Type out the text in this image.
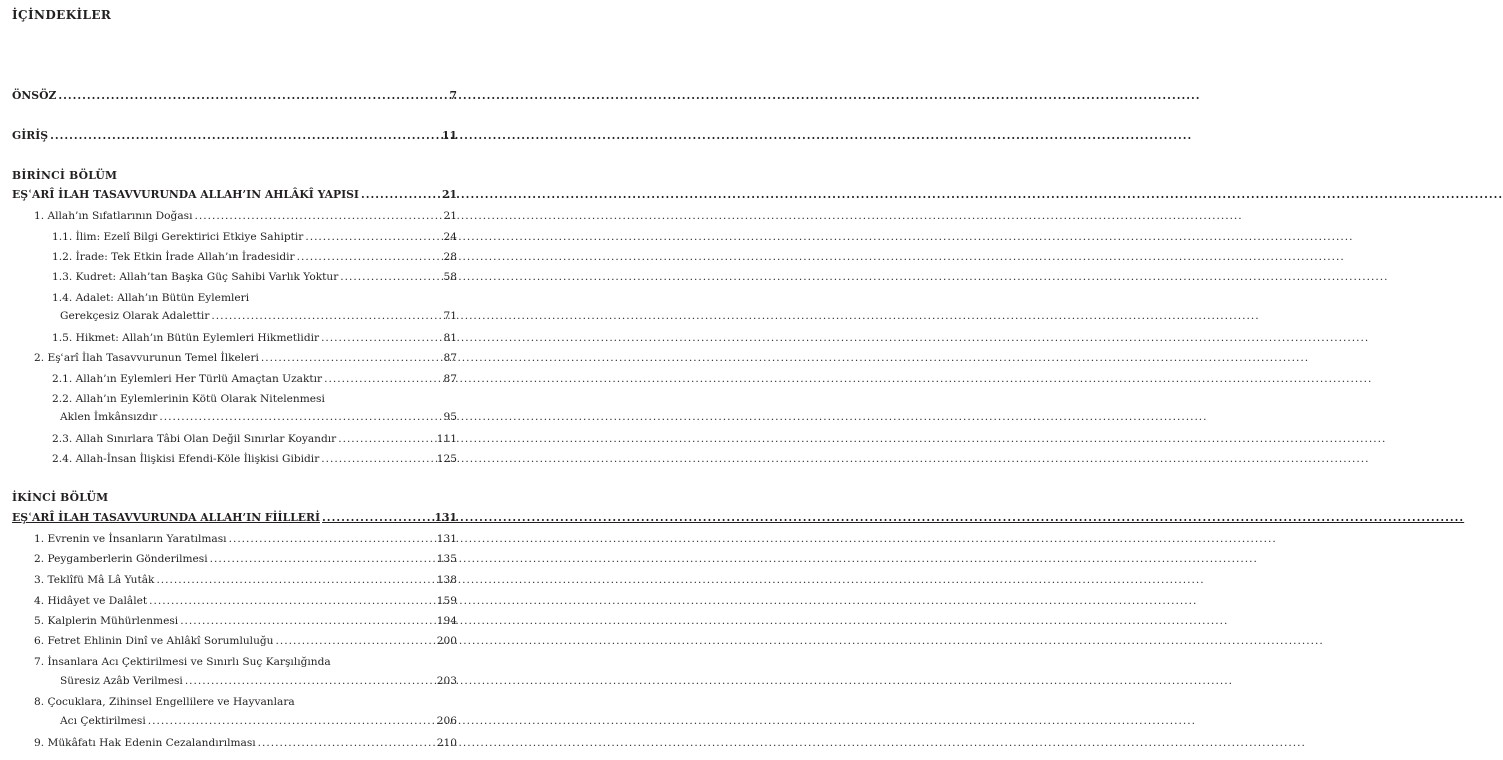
İÇİNDEKİLER
ÖNSÖZ .....	7
GİRİŞ .....	11
BİRİNCİ BÖLÜM
EŞʿARÎ İLAH TASAVVURUNDA ALLAH’IN AHLÂKÎ YAPISI .....	21
1. Allah’ın Sıfatlarının Doğası .....	21
1.1. İlim: Ezelî Bilgi Gerektirici Etkiye Sahiptir .....	24
1.2. İrade: Tek Etkin İrade Allah’ın İradesidir .....	28
1.3. Kudret: Allah’tan Başka Güç Sahibi Varlık Yoktur .....	58
1.4. Adalet: Allah’ın Bütün Eylemleri
Gerekçesiz Olarak Adalettir .....	71
1.5. Hikmet: Allah’ın Bütün Eylemleri Hikmetlidir .....	81
2. Eşʿarî İlah Tasavvurunun Temel İlkeleri .....	87
2.1. Allah’ın Eylemleri Her Türlü Amaçtan Uzaktır .....	87
2.2. Allah’ın Eylemlerinin Kötü Olarak Nitelenmesi
Aklen İmkânsızdır .....	95
2.3. Allah Sınırlara Tâbi Olan Değil Sınırlar Koyandır .....	111
2.4. Allah-İnsan İlişkisi Efendi-Köle İlişkisi Gibidir .....	125
İKİNCİ BÖLÜM
EŞʿARÎ İLAH TASAVVURUNDA ALLAH’IN FİİLLERİ .....	131
1. Evrenin ve İnsanların Yaratılması .....	131
2. Peygamberlerin Gönderilmesi .....	135
3. Teklîfü Mâ Lâ Yutâk .....	138
4. Hidâyet ve Dalâlet .....	159
5. Kalplerin Mühürlenmesi .....	194
6. Fetret Ehlinin Dinî ve Ahlâkî Sorumluluğu .....	200
7. İnsanlara Acı Çektirilmesi ve Sınırlı Suç Karşılığında
Süresiz Azâb Verilmesi .....	203
8. Çocuklara, Zihinsel Engellilere ve Hayvanlara
Acı Çektirilmesi .....	206
9. Mükâfatı Hak Edenin Cezalandırılması .....	210
